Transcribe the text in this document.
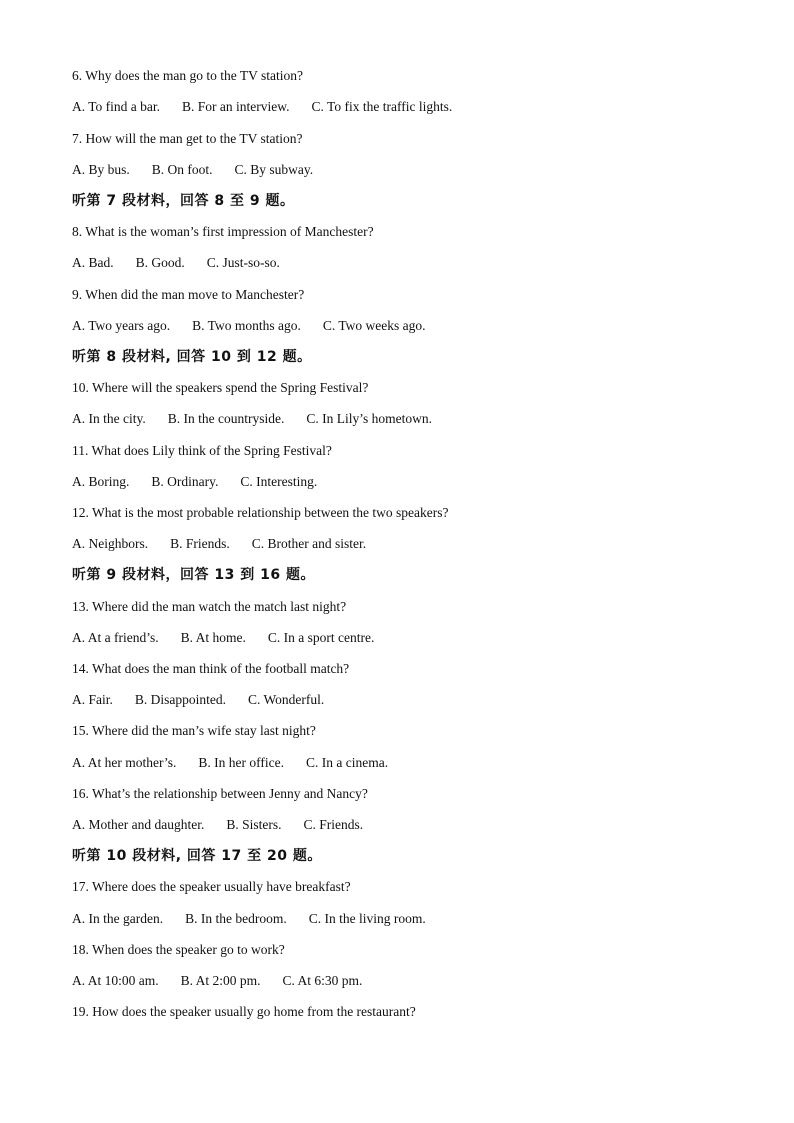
6. Why does the man go to the TV station?
A. To find a bar. B. For an interview. C. To fix the traffic lights.
7. How will the man get to the TV station?
A. By bus. B. On foot. C. By subway.
听第 7 段材料，回答 8 至 9 题。
8. What is the woman’s first impression of Manchester?
A. Bad. B. Good. C. Just-so-so.
9. When did the man move to Manchester?
A. Two years ago. B. Two months ago. C. Two weeks ago.
听第 8 段材料, 回答 10 到 12 题。
10. Where will the speakers spend the Spring Festival?
A. In the city. B. In the countryside. C. In Lily’s hometown.
11. What does Lily think of the Spring Festival?
A. Boring. B. Ordinary. C. Interesting.
12. What is the most probable relationship between the two speakers?
A. Neighbors. B. Friends. C. Brother and sister.
听第 9 段材料，回答 13 到 16 题。
13. Where did the man watch the match last night?
A. At a friend’s. B. At home. C. In a sport centre.
14. What does the man think of the football match?
A. Fair. B. Disappointed. C. Wonderful.
15. Where did the man’s wife stay last night?
A. At her mother’s. B. In her office. C. In a cinema.
16. What’s the relationship between Jenny and Nancy?
A. Mother and daughter. B. Sisters. C. Friends.
听第 10 段材料, 回答 17 至 20 题。
17. Where does the speaker usually have breakfast?
A. In the garden. B. In the bedroom. C. In the living room.
18. When does the speaker go to work?
A. At 10:00 am. B. At 2:00 pm. C. At 6:30 pm.
19. How does the speaker usually go home from the restaurant?
